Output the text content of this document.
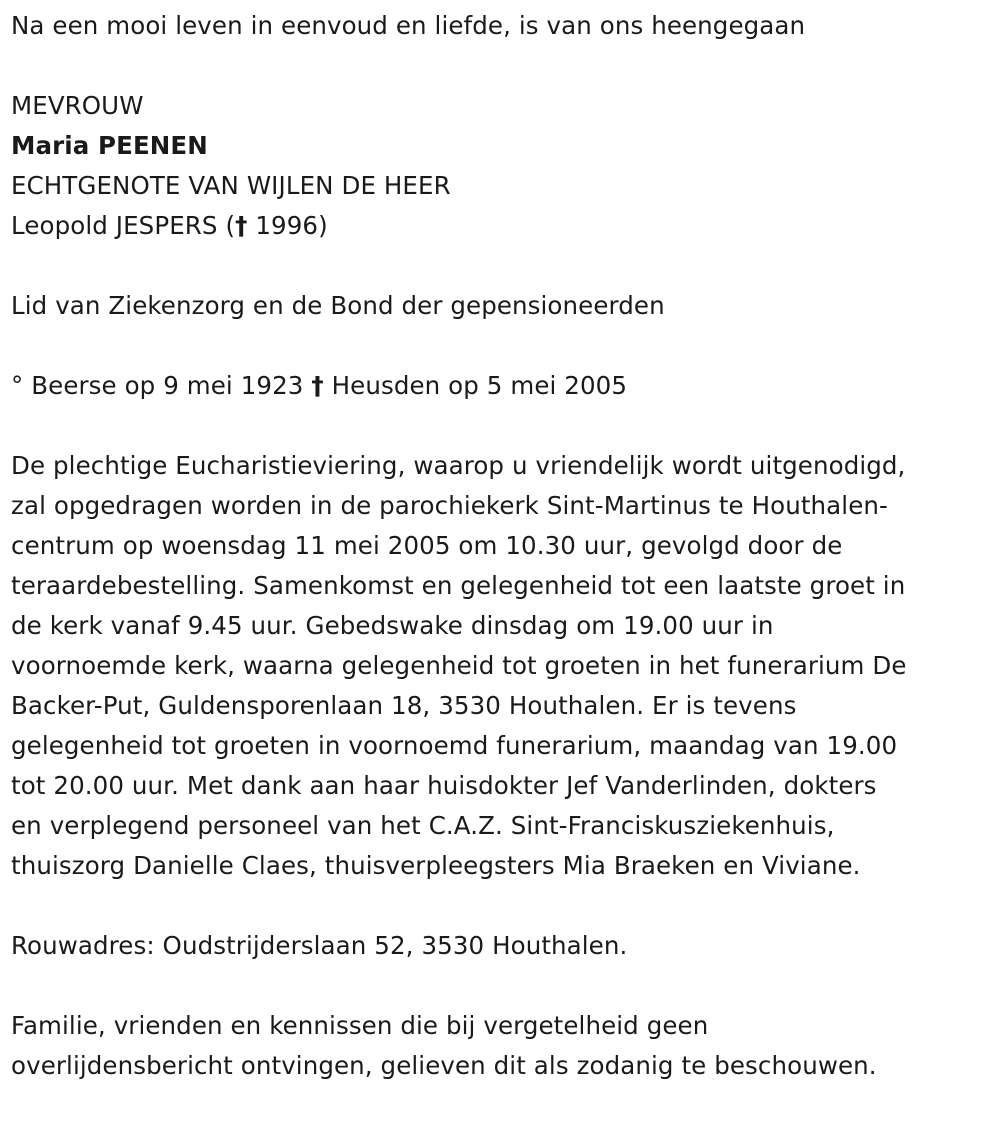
Na een mooi leven in eenvoud en liefde, is van ons heengegaan

MEVROUW

Maria PEENEN

ECHTGENOTE VAN WIJLEN DE HEER

Leopold JESPERS († 1996)

Lid van Ziekenzorg en de Bond der gepensioneerden

° Beerse op 9 mei 1923 † Heusden op 5 mei 2005

De plechtige Eucharistieviering, waarop u vriendelijk wordt uitgenodigd,

zal opgedragen worden in de parochiekerk Sint-Martinus te Houthalen-

centrum op woensdag 11 mei 2005 om 10.30 uur, gevolgd door de

teraardebestelling. Samenkomst en gelegenheid tot een laatste groet in

de kerk vanaf 9.45 uur. Gebedswake dinsdag om 19.00 uur in

voornoemde kerk, waarna gelegenheid tot groeten in het funerarium De

Backer-Put, Guldensporenlaan 18, 3530 Houthalen. Er is tevens

gelegenheid tot groeten in voornoemd funerarium, maandag van 19.00

tot 20.00 uur. Met dank aan haar huisdokter Jef Vanderlinden, dokters

en verplegend personeel van het C.A.Z. Sint-Franciskusziekenhuis,

thuiszorg Danielle Claes, thuisverpleegsters Mia Braeken en Viviane.

Rouwadres: Oudstrijderslaan 52, 3530 Houthalen.

Familie, vrienden en kennissen die bij vergetelheid geen

overlijdensbericht ontvingen, gelieven dit als zodanig te beschouwen.
